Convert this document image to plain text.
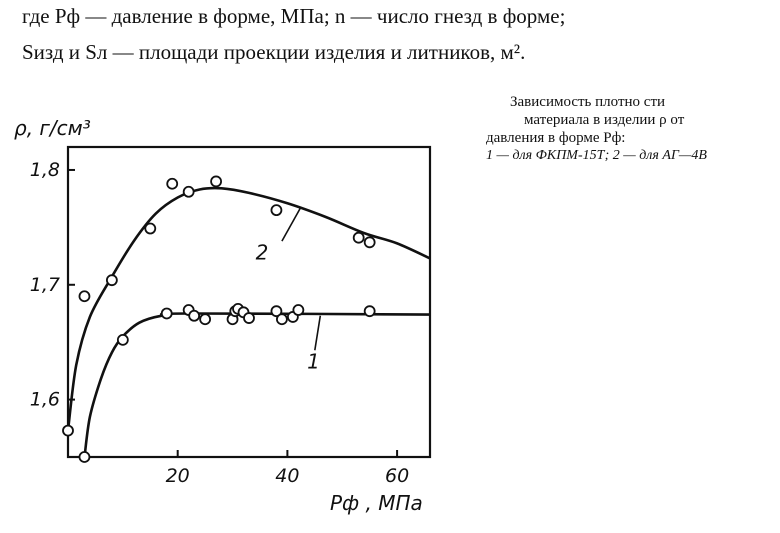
где Pф — давление в форме, МПа; n — число гнезд в форме;
Sизд и Sл — площади проекции изделия и литников, м².
Зависимость плотно сти
материала в изделии ρ от
давления в форме Pф:
1 — для ФКПМ-15Т; 2 — для АГ—4В
ρ, г/см³
Pф , МПа
20	40	60
1,6
1,7
1,8
2
1
